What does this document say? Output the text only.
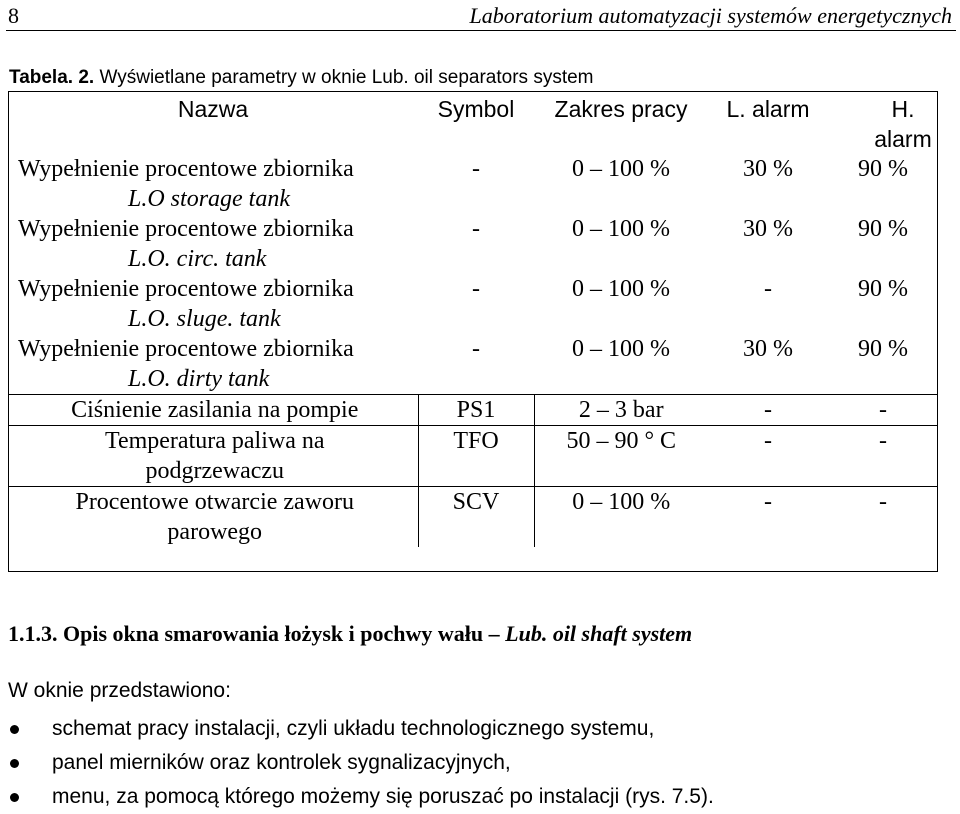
8	Laboratorium automatyzacji systemów energetycznych
Tabela. 2. Wyświetlane parametry w oknie Lub. oil separators system
Nazwa	Symbol	Zakres pracy	L. alarm	H. alarm

Wypełnienie procentowe zbiornika
L.O storage tank	-	0 – 100 %	30 %	90 %

Wypełnienie procentowe zbiornika
L.O. circ. tank	-	0 – 100 %	30 %	90 %

Wypełnienie procentowe zbiornika
L.O. sluge. tank	-	0 – 100 %	-	90 %

Wypełnienie procentowe zbiornika
L.O. dirty tank	-	0 – 100 %	30 %	90 %

Ciśnienie zasilania na pompie	PS1	2 – 3 bar	-	-

Temperatura paliwa na
podgrzewaczu	TFO	50 – 90 ° C	-	-

Procentowe otwarcie zaworu
parowego	SCV	0 – 100 %	-	-
1.1.3. Opis okna smarowania łożysk i pochwy wału – Lub. oil shaft system
W oknie przedstawiono:
schemat pracy instalacji, czyli układu technologicznego systemu,
panel mierników oraz kontrolek sygnalizacyjnych,
menu, za pomocą którego możemy się poruszać po instalacji (rys. 7.5).
